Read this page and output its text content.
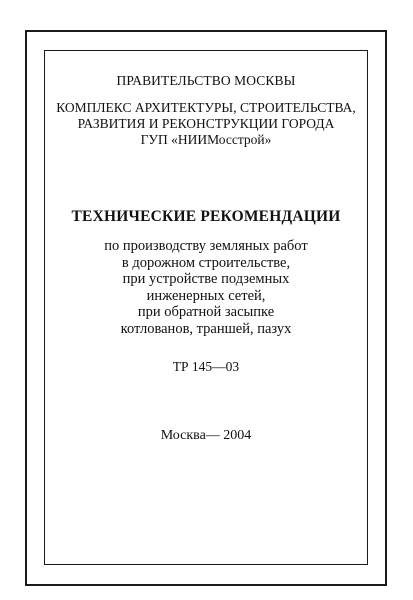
ПРАВИТЕЛЬСТВО МОСКВЫ
КОМПЛЕКС АРХИТЕКТУРЫ, СТРОИТЕЛЬСТВА,
РАЗВИТИЯ И РЕКОНСТРУКЦИИ ГОРОДА
ГУП «НИИМосстрой»
ТЕХНИЧЕСКИЕ РЕКОМЕНДАЦИИ
по производству земляных работ
в дорожном строительстве,
при устройстве подземных
инженерных сетей,
при обратной засыпке
котлованов, траншей, пазух
ТР 145—03
Москва— 2004
